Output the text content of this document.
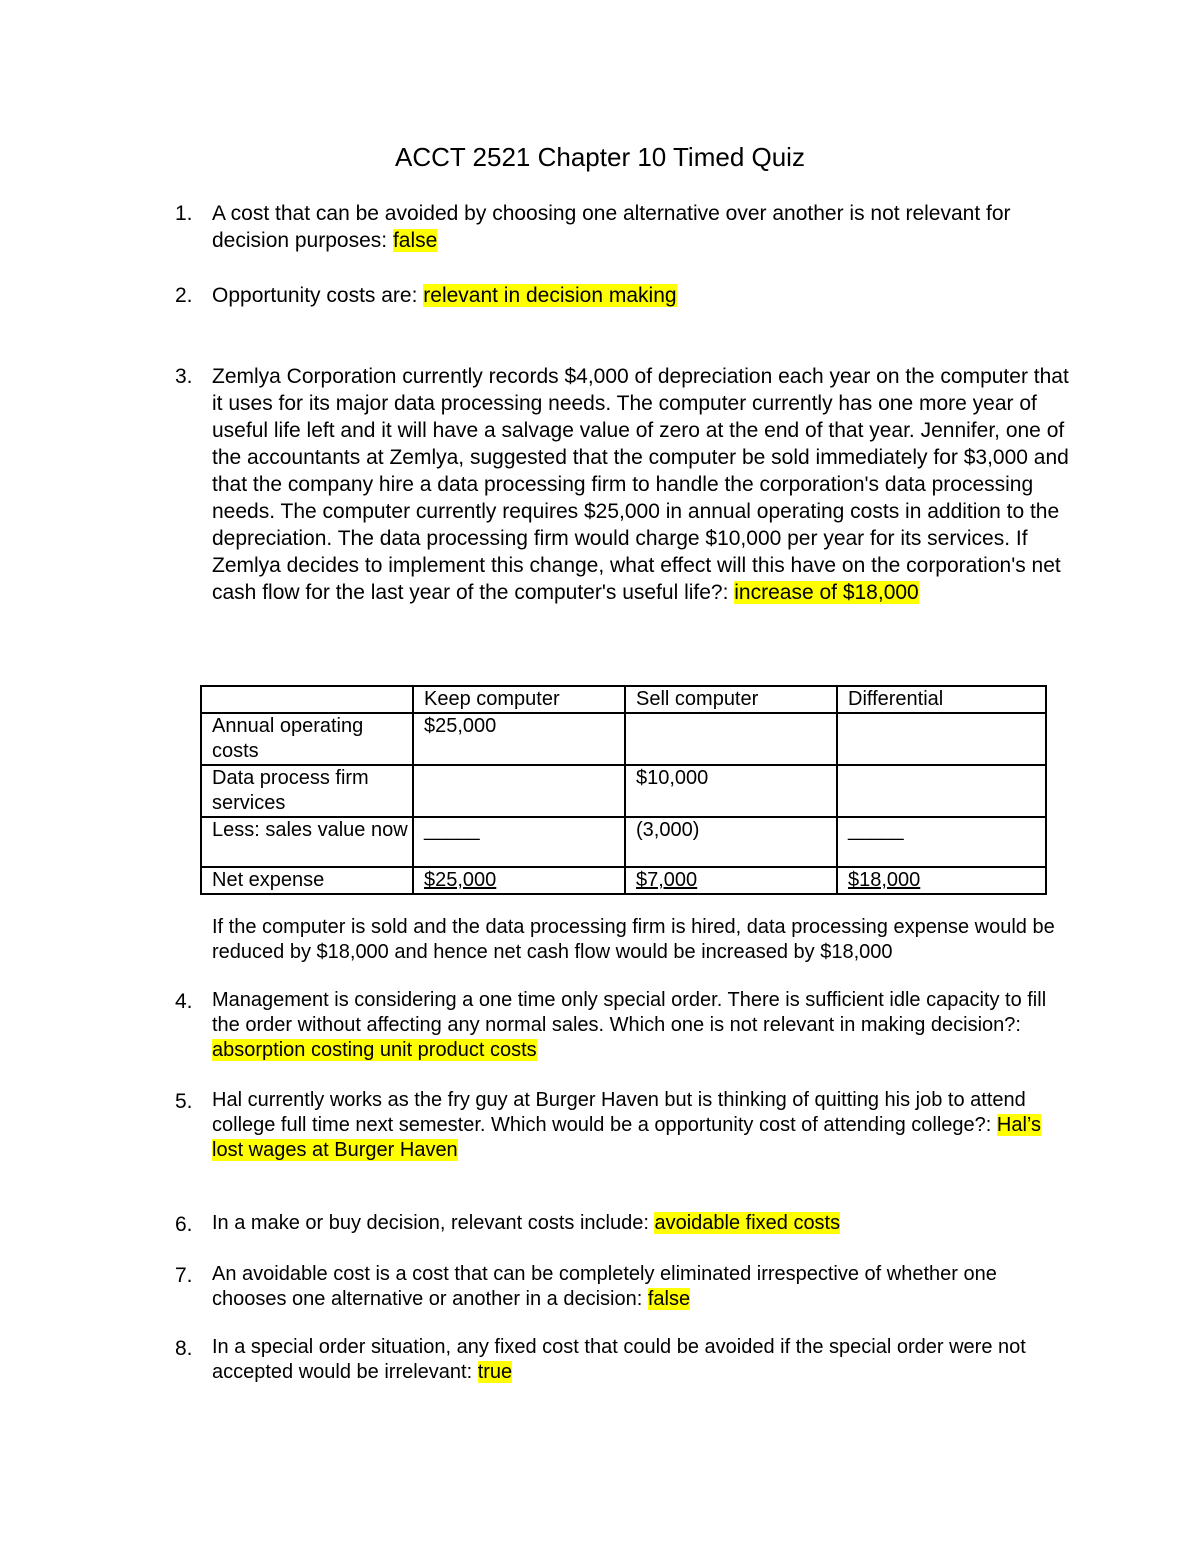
ACCT 2521 Chapter 10 Timed Quiz
1. A cost that can be avoided by choosing one alternative over another is not relevant for decision purposes: false
2. Opportunity costs are: relevant in decision making
3. Zemlya Corporation currently records $4,000 of depreciation each year on the computer that it uses for its major data processing needs. The computer currently has one more year of useful life left and it will have a salvage value of zero at the end of that year. Jennifer, one of the accountants at Zemlya, suggested that the computer be sold immediately for $3,000 and that the company hire a data processing firm to handle the corporation's data processing needs. The computer currently requires $25,000 in annual operating costs in addition to the depreciation. The data processing firm would charge $10,000 per year for its services. If Zemlya decides to implement this change, what effect will this have on the corporation's net cash flow for the last year of the computer's useful life?: increase of $18,000
	Keep computer	Sell computer	Differential
Annual operating costs	$25,000		
Data process firm services		$10,000	
Less: sales value now	_____	(3,000)	_____
Net expense	$25,000	$7,000	$18,000
If the computer is sold and the data processing firm is hired, data processing expense would be reduced by $18,000 and hence net cash flow would be increased by $18,000
4. Management is considering a one time only special order. There is sufficient idle capacity to fill the order without affecting any normal sales. Which one is not relevant in making decision?: absorption costing unit product costs
5. Hal currently works as the fry guy at Burger Haven but is thinking of quitting his job to attend college full time next semester. Which would be a opportunity cost of attending college?: Hal’s lost wages at Burger Haven
6. In a make or buy decision, relevant costs include: avoidable fixed costs
7. An avoidable cost is a cost that can be completely eliminated irrespective of whether one chooses one alternative or another in a decision: false
8. In a special order situation, any fixed cost that could be avoided if the special order were not accepted would be irrelevant: true
